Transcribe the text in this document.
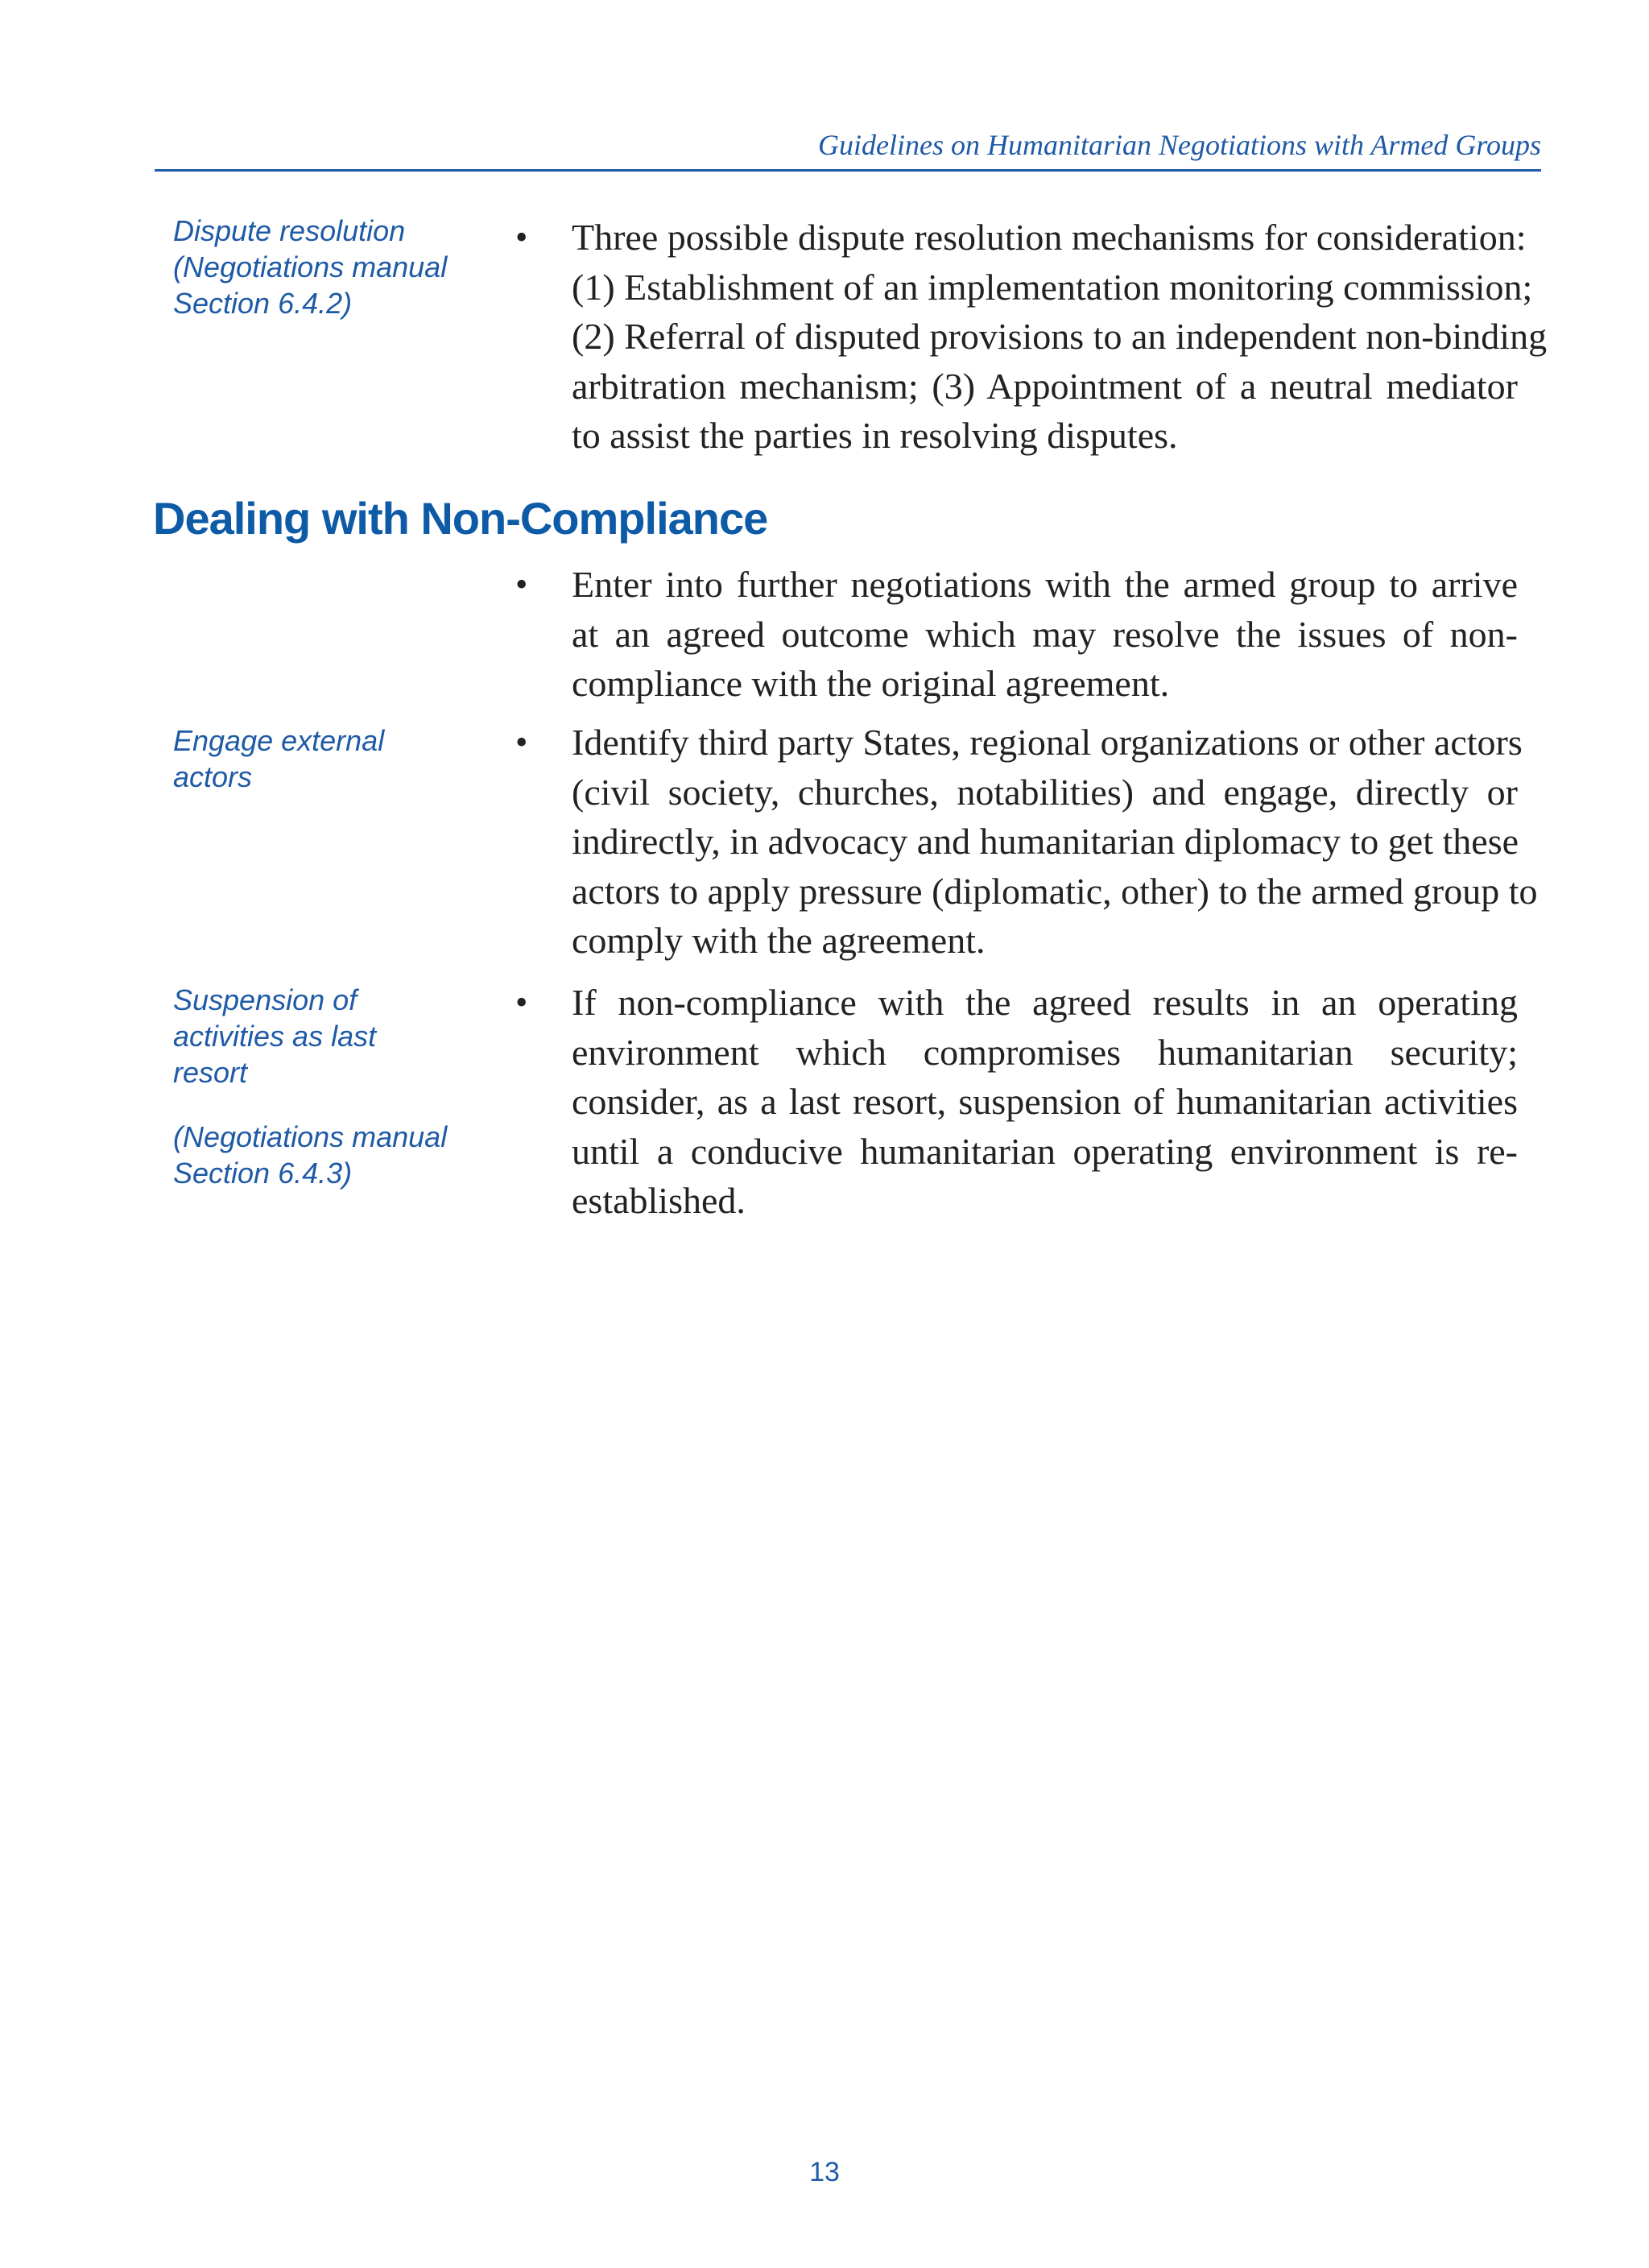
Guidelines on Humanitarian Negotiations with Armed Groups
Dispute resolution
(Negotiations manual
Section 6.4.2)
•	Three possible dispute resolution mechanisms for consideration:
(1) Establishment of an implementation monitoring commission;
(2) Referral of disputed provisions to an independent non-binding
arbitration mechanism; (3) Appointment of a neutral mediator
to assist the parties in resolving disputes.
Dealing with Non-Compliance
•	Enter into further negotiations with the armed group to arrive
at an agreed outcome which may resolve the issues of non-
compliance with the original agreement.
Engage external
actors
•	Identify third party States, regional organizations or other actors
(civil society, churches, notabilities) and engage, directly or
indirectly, in advocacy and humanitarian diplomacy to get these
actors to apply pressure (diplomatic, other) to the armed group to
comply with the agreement.
Suspension of
activities as last
resort
(Negotiations manual
Section 6.4.3)
•	If non-compliance with the agreed results in an operating
environment which compromises humanitarian security;
consider, as a last resort, suspension of humanitarian activities
until a conducive humanitarian operating environment is re-
established.
13
